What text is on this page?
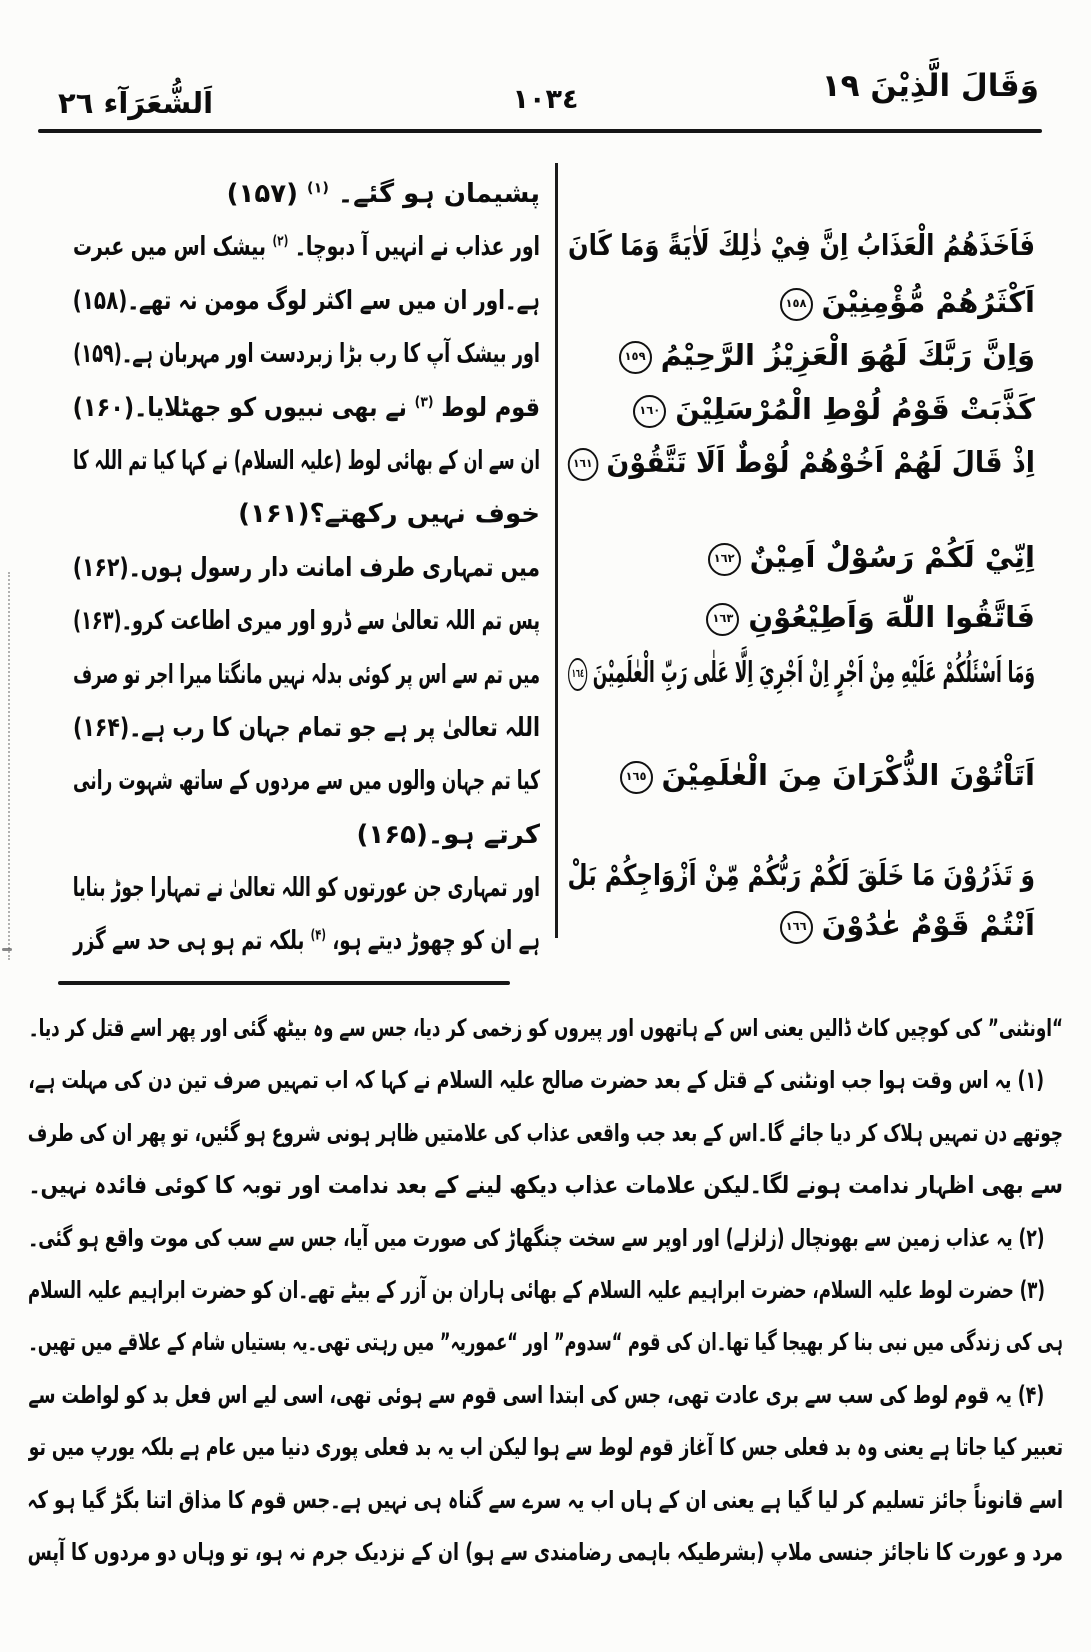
وَقَالَ الَّذِيْنَ ١٩
١٠٣٤
اَلشُّعَرَآء ٢٦
پشیمان ہو گئے۔ $^{(۱)}$ (۱۵۷)
اور عذاب نے انہیں آ دبوچا۔ $^{(۲)}$ بیشک اس میں عبرت
ہے۔اور ان میں سے اکثر لوگ مومن نہ تھے۔(۱۵۸)
اور بیشک آپ کا رب بڑا زبردست اور مہربان ہے۔(۱۵۹)
قوم لوط $^{(۳)}$ نے بھی نبیوں کو جھٹلایا۔(۱۶۰)
ان سے ان کے بھائی لوط (علیہ السلام) نے کہا کیا تم اللہ کا
خوف نہیں رکھتے؟(۱۶۱)
میں تمہاری طرف امانت دار رسول ہوں۔(۱۶۲)
پس تم اللہ تعالیٰ سے ڈرو اور میری اطاعت کرو۔(۱۶۳)
میں تم سے اس پر کوئی بدلہ نہیں مانگتا میرا اجر تو صرف
اللہ تعالیٰ پر ہے جو تمام جہان کا رب ہے۔(۱۶۴)
کیا تم جہان والوں میں سے مردوں کے ساتھ شہوت رانی
کرتے ہو۔(۱۶۵)
اور تمہاری جن عورتوں کو اللہ تعالیٰ نے تمہارا جوڑ بنایا
ہے ان کو چھوڑ دیتے ہو، $^{(۴)}$ بلکہ تم ہو ہی حد سے گزر
فَاَخَذَهُمُ الْعَذَابُ اِنَّ فِيْ ذٰلِكَ لَاٰيَةً وَمَا كَانَ
اَكْثَرُهُمْ مُّؤْمِنِيْنَ١٥٨
وَاِنَّ رَبَّكَ لَهُوَ الْعَزِيْزُ الرَّحِيْمُ١٥٩
كَذَّبَتْ قَوْمُ لُوْطِ الْمُرْسَلِيْنَ١٦٠
اِذْ قَالَ لَهُمْ اَخُوْهُمْ لُوْطٌ اَلَا تَتَّقُوْنَ١٦١
اِنِّيْ لَكُمْ رَسُوْلٌ اَمِيْنٌ١٦٢
فَاتَّقُوا اللّٰهَ وَاَطِيْعُوْنِ١٦٣
وَمَا اَسْئَلُكُمْ عَلَيْهِ مِنْ اَجْرٍ اِنْ اَجْرِيَ اِلَّا عَلٰى رَبِّ الْعٰلَمِيْنَ١٦٤
اَتَاْتُوْنَ الذُّكْرَانَ مِنَ الْعٰلَمِيْنَ١٦٥
وَ تَذَرُوْنَ مَا خَلَقَ لَكُمْ رَبُّكُمْ مِّنْ اَزْوَاجِكُمْ بَلْ
اَنْتُمْ قَوْمٌ عٰدُوْنَ١٦٦
“اونٹنی” کی کوچیں کاٹ ڈالیں یعنی اس کے ہاتھوں اور پیروں کو زخمی کر دیا، جس سے وہ بیٹھ گئی اور پھر اسے قتل کر دیا۔
(۱) یہ اس وقت ہوا جب اونٹنی کے قتل کے بعد حضرت صالح علیہ السلام نے کہا کہ اب تمہیں صرف تین دن کی مہلت ہے،
چوتھے دن تمہیں ہلاک کر دیا جائے گا۔اس کے بعد جب واقعی عذاب کی علامتیں ظاہر ہونی شروع ہو گئیں، تو پھر ان کی طرف
سے بھی اظہار ندامت ہونے لگا۔لیکن علامات عذاب دیکھ لینے کے بعد ندامت اور توبہ کا کوئی فائدہ نہیں۔
(۲) یہ عذاب زمین سے بھونچال (زلزلے) اور اوپر سے سخت چنگھاڑ کی صورت میں آیا، جس سے سب کی موت واقع ہو گئی۔
(۳) حضرت لوط علیہ السلام، حضرت ابراہیم علیہ السلام کے بھائی ہاران بن آزر کے بیٹے تھے۔ان کو حضرت ابراہیم علیہ السلام
ہی کی زندگی میں نبی بنا کر بھیجا گیا تھا۔ان کی قوم “سدوم” اور “عموریہ” میں رہتی تھی۔یہ بستیاں شام کے علاقے میں تھیں۔
(۴) یہ قوم لوط کی سب سے بری عادت تھی، جس کی ابتدا اسی قوم سے ہوئی تھی، اسی لیے اس فعل بد کو لواطت سے
تعبیر کیا جاتا ہے یعنی وہ بد فعلی جس کا آغاز قوم لوط سے ہوا لیکن اب یہ بد فعلی پوری دنیا میں عام ہے بلکہ یورپ میں تو
اسے قانوناً جائز تسلیم کر لیا گیا ہے یعنی ان کے ہاں اب یہ سرے سے گناہ ہی نہیں ہے۔جس قوم کا مذاق اتنا بگڑ گیا ہو کہ
مرد و عورت کا ناجائز جنسی ملاپ (بشرطیکہ باہمی رضامندی سے ہو) ان کے نزدیک جرم نہ ہو، تو وہاں دو مردوں کا آپس
